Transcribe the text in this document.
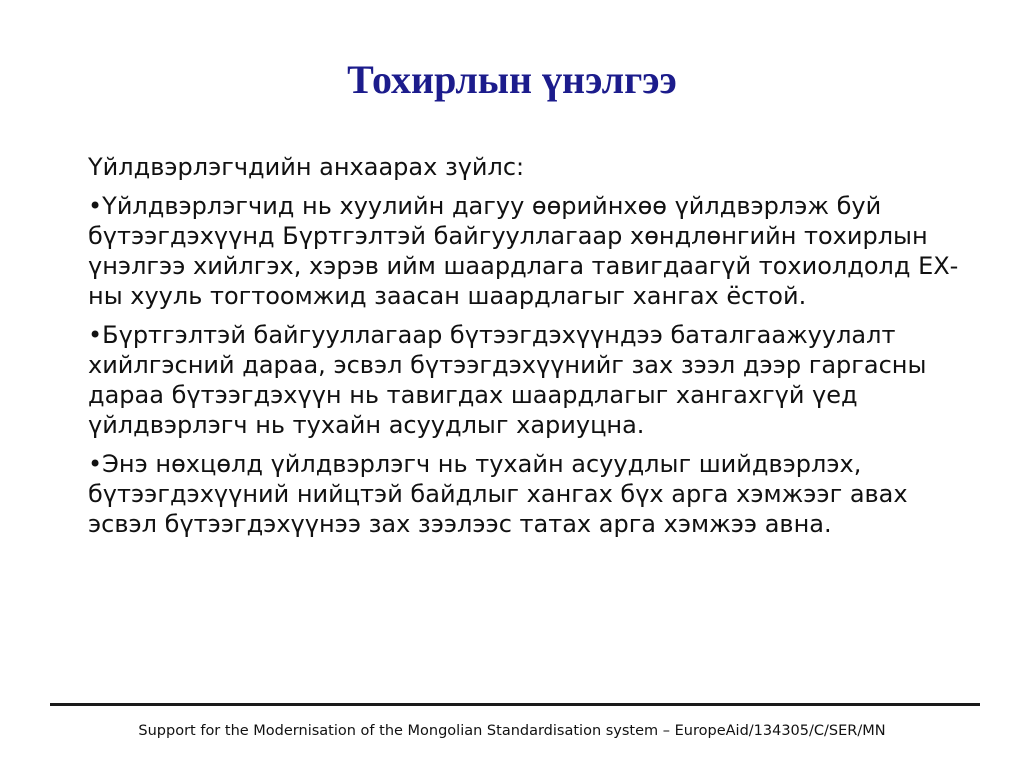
Тохирлын үнэлгээ

Үйлдвэрлэгчдийн анхаарах зүйлс:

•Үйлдвэрлэгчид нь хуулийн дагуу өөрийнхөө үйлдвэрлэж буй бүтээгдэхүүнд Бүртгэлтэй байгууллагаар хөндлөнгийн тохирлын үнэлгээ хийлгэх, хэрэв ийм шаардлага тавигдаагүй тохиолдолд ЕХ-ны хууль тогтоомжид заасан шаардлагыг хангах ёстой.

•Бүртгэлтэй байгууллагаар бүтээгдэхүүндээ баталгаажуулалт хийлгэсний дараа, эсвэл бүтээгдэхүүнийг зах зээл дээр гаргасны дараа бүтээгдэхүүн нь тавигдах шаардлагыг хангахгүй үед үйлдвэрлэгч нь тухайн асуудлыг хариуцна.

•Энэ нөхцөлд үйлдвэрлэгч нь тухайн асуудлыг шийдвэрлэх, бүтээгдэхүүний нийцтэй байдлыг хангах бүх арга хэмжээг авах эсвэл бүтээгдэхүүнээ зах зээлээс татах арга хэмжээ авна.

Support for the Modernisation of the Mongolian Standardisation system – EuropeAid/134305/C/SER/MN
